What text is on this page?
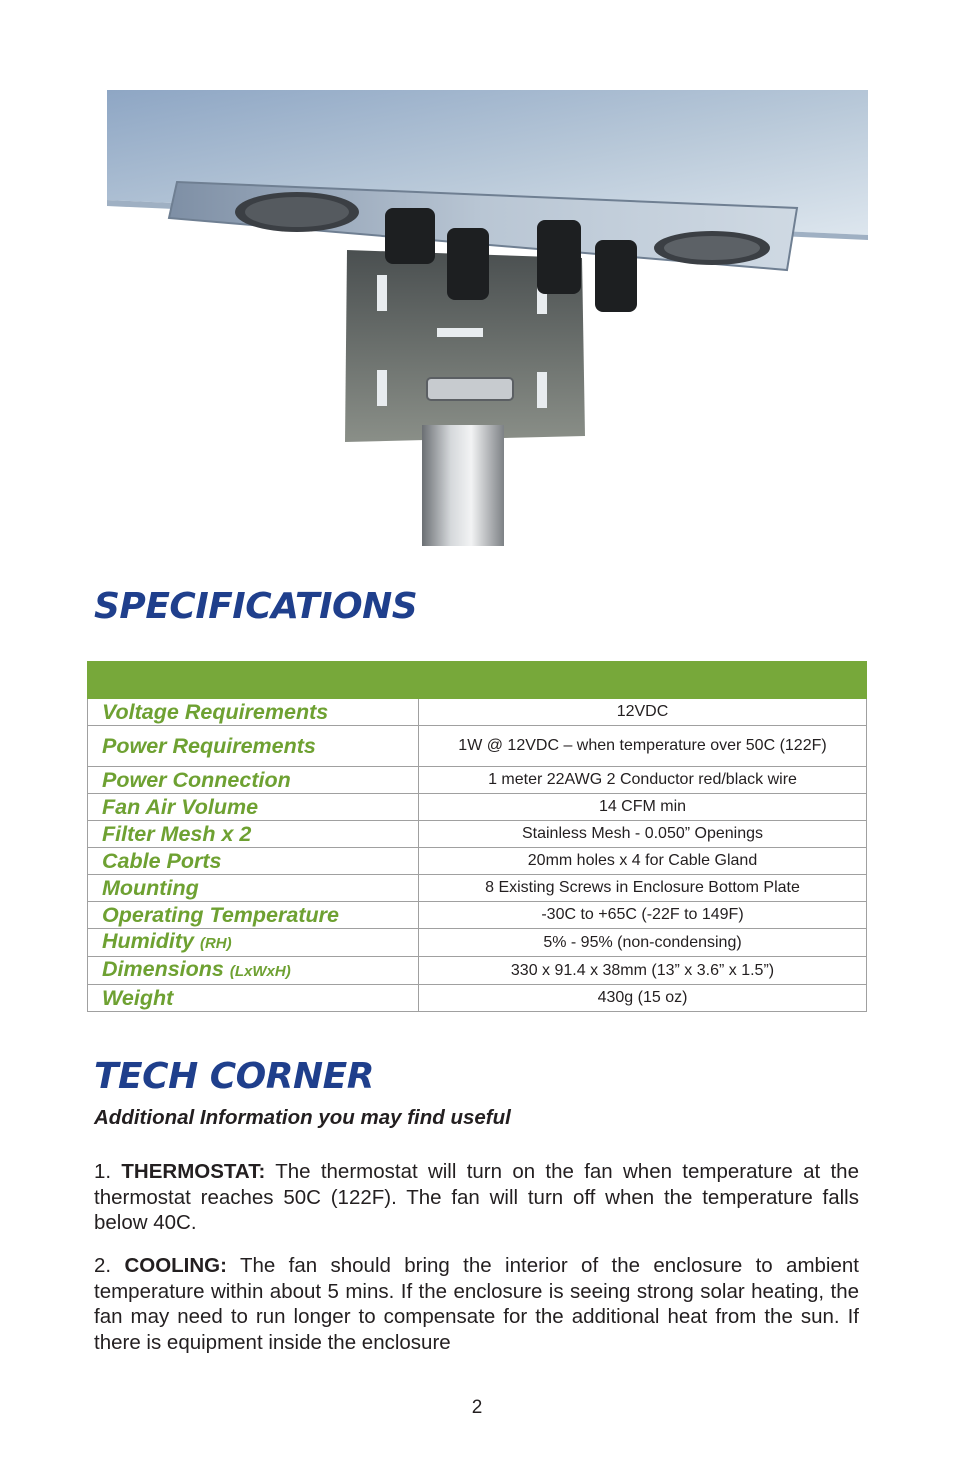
SPECIFICATIONS

Voltage Requirements	12VDC
Power Requirements	1W @ 12VDC – when temperature over 50C (122F)
Power Connection	1 meter 22AWG 2 Conductor red/black wire
Fan Air Volume	14 CFM min
Filter Mesh x 2	Stainless Mesh - 0.050” Openings
Cable Ports	20mm holes x 4 for Cable Gland
Mounting	8 Existing Screws in Enclosure Bottom Plate
Operating Temperature	-30C to +65C (-22F to 149F)
Humidity (RH)	5% - 95% (non-condensing)
Dimensions (LxWxH)	330 x 91.4 x 38mm (13” x 3.6” x 1.5”)
Weight	430g (15 oz)
TECH CORNER

Additional Information you may find useful

1. THERMOSTAT: The thermostat will turn on the fan when temperature at the thermostat reaches 50C (122F). The fan will turn off when the temperature falls below 40C.

2. COOLING: The fan should bring the interior of the enclosure to ambient temperature within about 5 mins. If the enclosure is seeing strong solar heating, the fan may need to run longer to compensate for the additional heat from the sun. If there is equipment inside the enclosure

2
